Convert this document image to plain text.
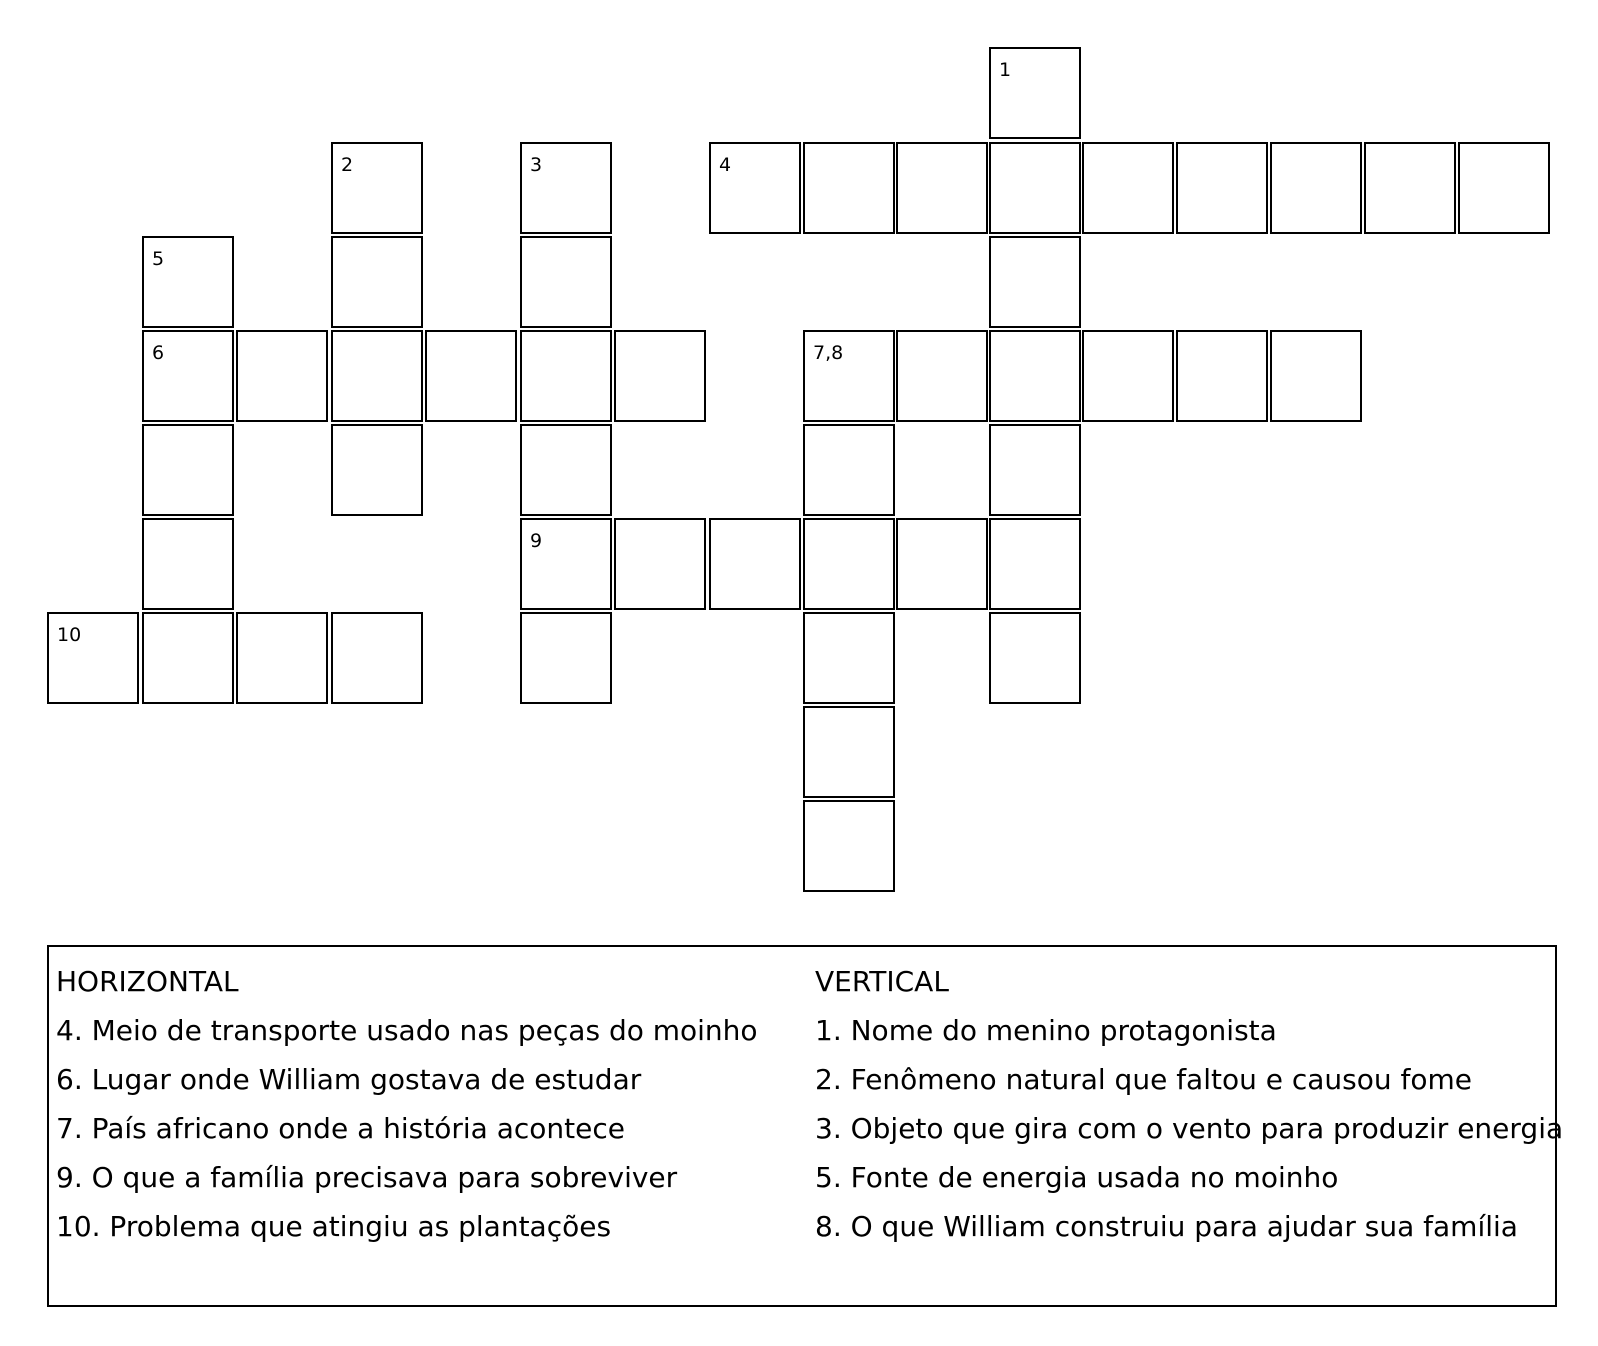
1
2	3	4
5
6	7,8
9
10
HORIZONTAL
4. Meio de transporte usado nas peças do moinho
6. Lugar onde William gostava de estudar
7. País africano onde a história acontece
9. O que a família precisava para sobreviver
10. Problema que atingiu as plantações
VERTICAL
1. Nome do menino protagonista
2. Fenômeno natural que faltou e causou fome
3. Objeto que gira com o vento para produzir energia
5. Fonte de energia usada no moinho
8. O que William construiu para ajudar sua família
